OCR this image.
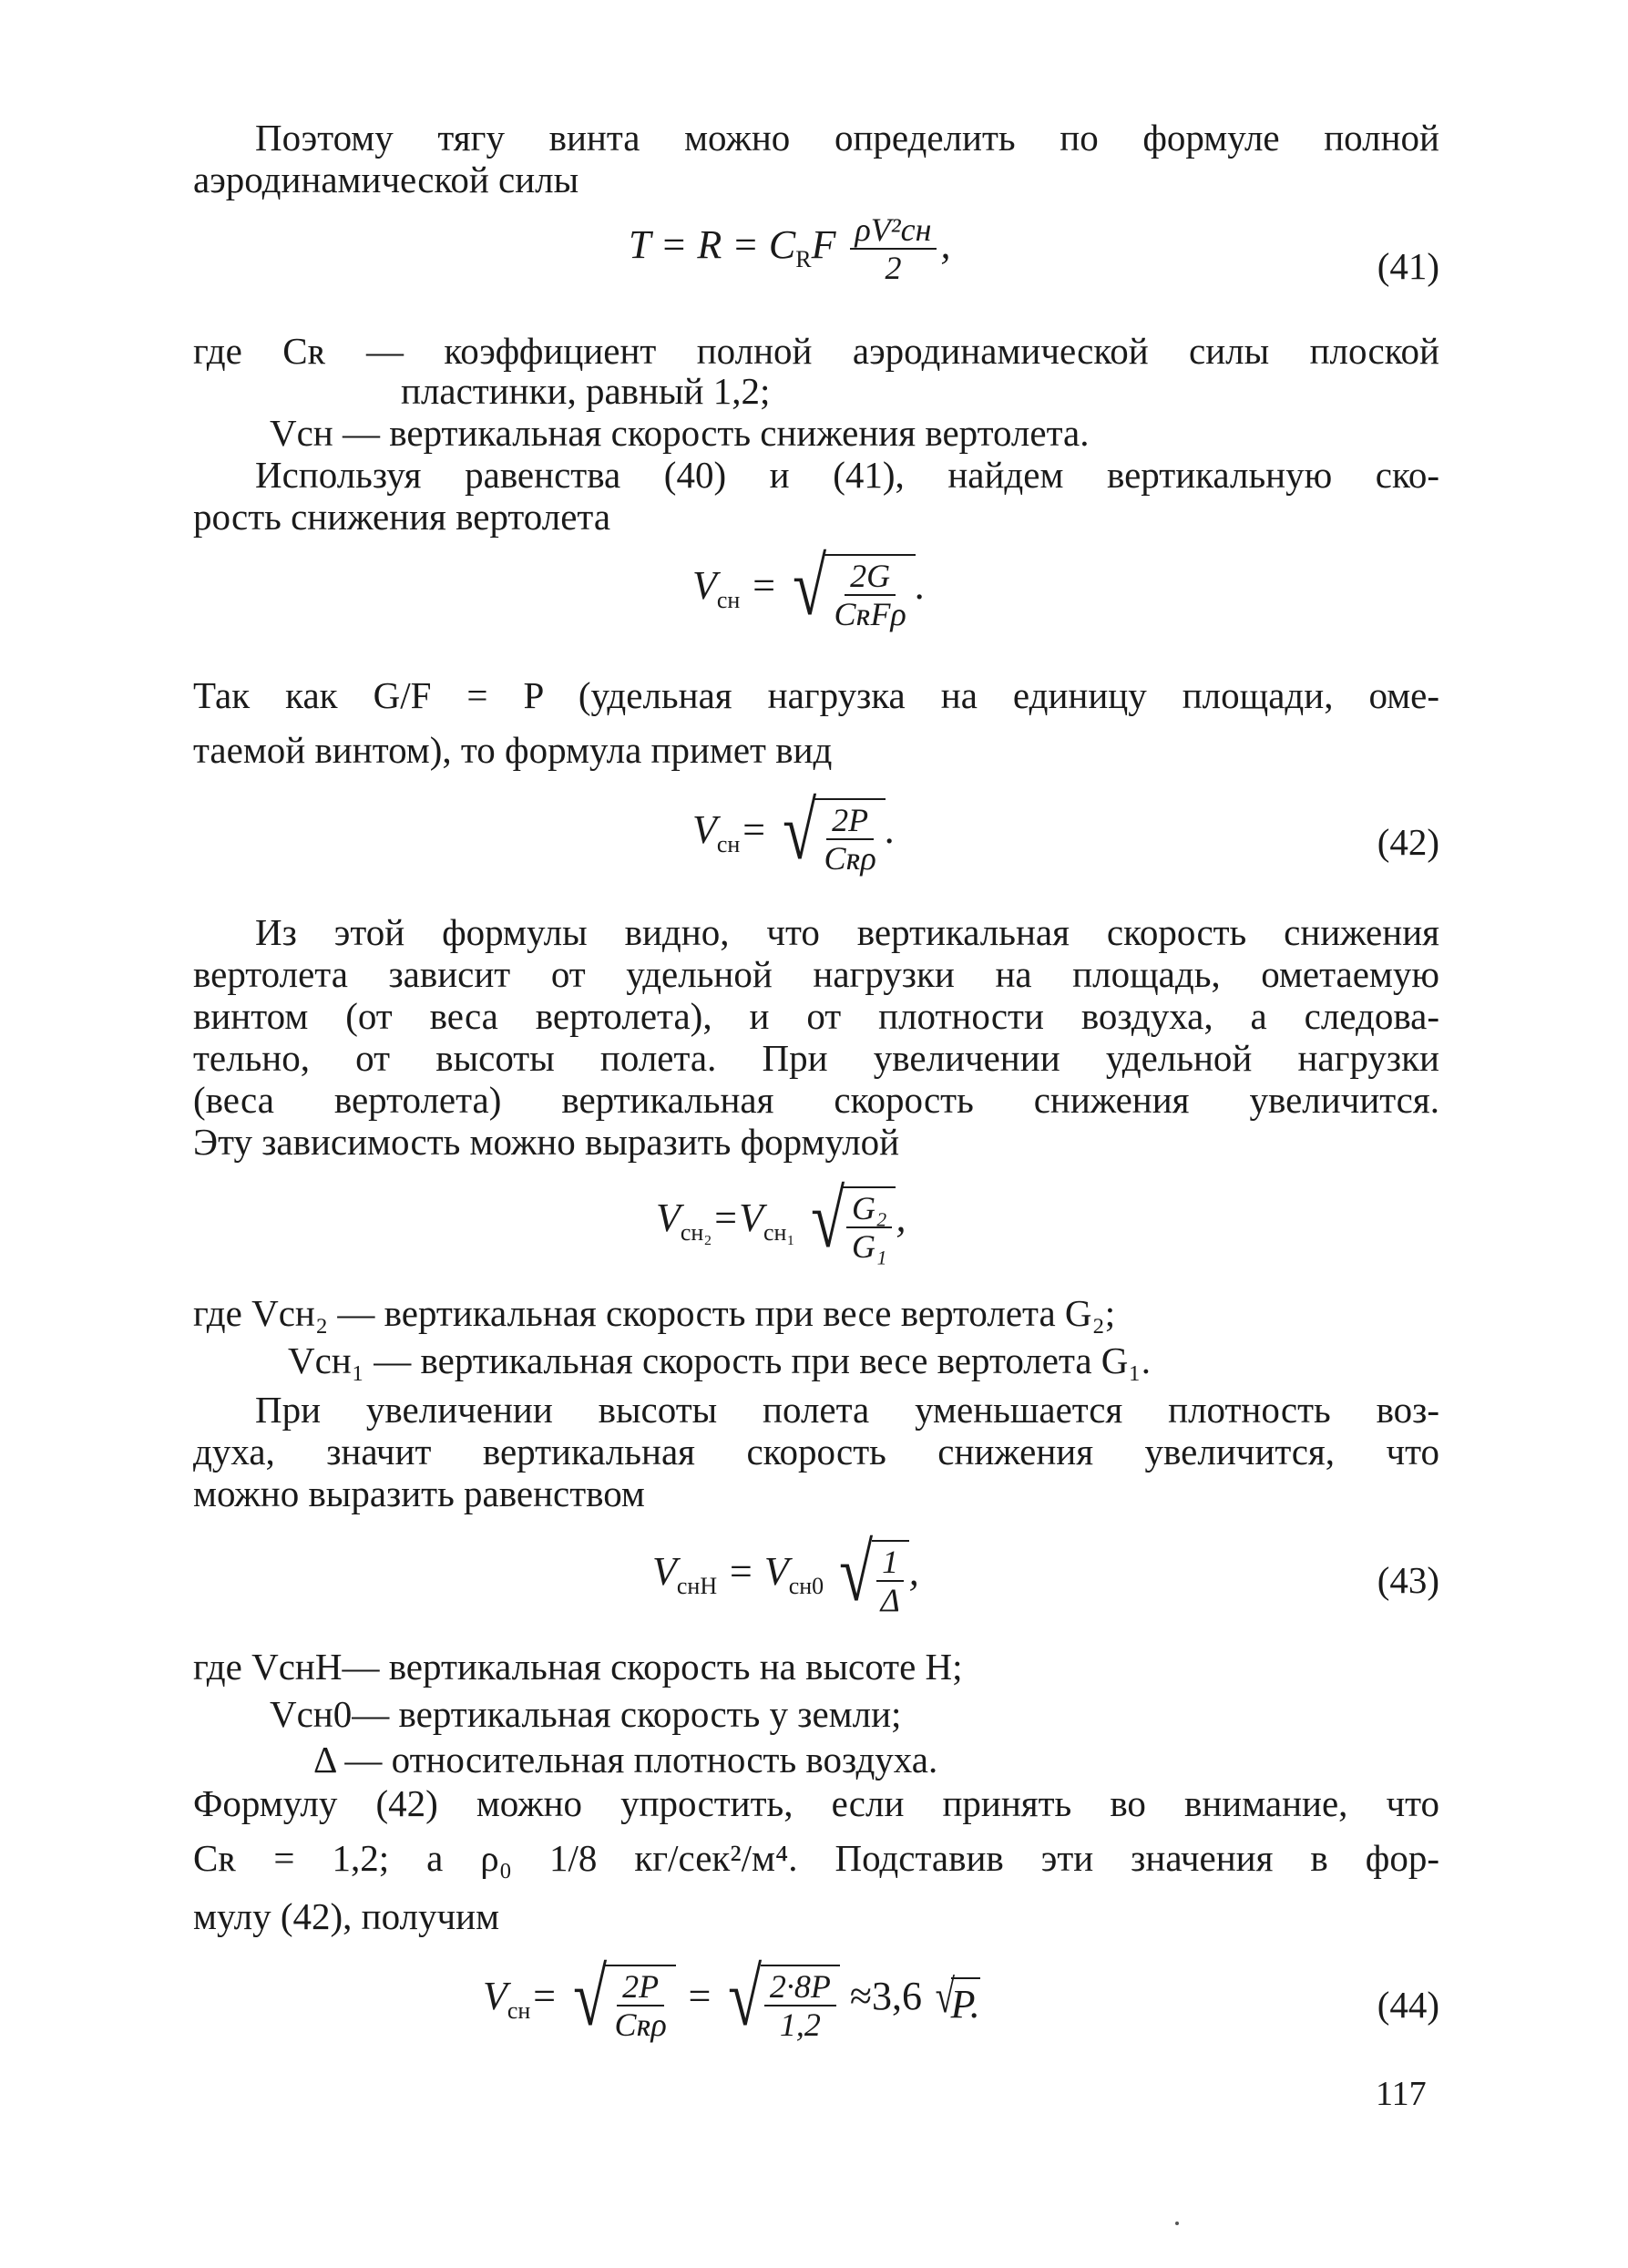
Поэтому тягу винта можно определить по формуле полной

аэродинамической силы

$T = R = C_RF \frac{\text{ρV²сн}}{2}$ ,	(41)

где Cʀ — коэффициент полной аэродинамической силы плоской

пластинки, равный 1,2;

Vсн — вертикальная скорость снижения вертолета.

Используя равенства (40) и (41), найдем вертикальную ско-

рость снижения вертолета

$V_{сн}$ = √ $\frac{2G}{\text{CʀFρ}}$ .

Так как G/F = P (удельная нагрузка на единицу площади, оме-

таемой винтом), то формула примет вид

$V_{сн}=$ √ $\frac{2P}{\text{Cʀρ}}$ .	(42)

Из этой формулы видно, что вертикальная скорость снижения

вертолета зависит от удельной нагрузки на площадь, ометаемую

винтом (от веса вертолета), и от плотности воздуха, а следова-

тельно, от высоты полета. При увеличении удельной нагрузки

(веса вертолета) вертикальная скорость снижения увеличится.

Эту зависимость можно выразить формулой

$V_{сн_2}=V_{сн_1}$ √ $\frac{\text{G₂}}{\text{G₁}}$ ,

где Vсн₂ — вертикальная скорость при весе вертолета G₂;

Vсн₁ — вертикальная скорость при весе вертолета G₁.

При увеличении высоты полета уменьшается плотность воз-

духа, значит вертикальная скорость снижения увеличится, что

можно выразить равенством

$V_{снH} = V_{сн0}$ √ $\frac{1}{\Delta}$ ,	(43)

где VснH— вертикальная скорость на высоте H;

Vсн0— вертикальная скорость у земли;

Δ — относительная плотность воздуха.

Формулу (42) можно упростить, если принять во внимание, что

Cʀ = 1,2; а ρ₀ 1/8 кг/сек²/м⁴. Подставив эти значения в фор-

мулу (42), получим

$V_{сн}=$ √ $\frac{2P}{\text{Cʀρ}}$ = √ $\frac{2\cdot 8P}{1,2} \approx 3,6$ √
P.	(44)
117
